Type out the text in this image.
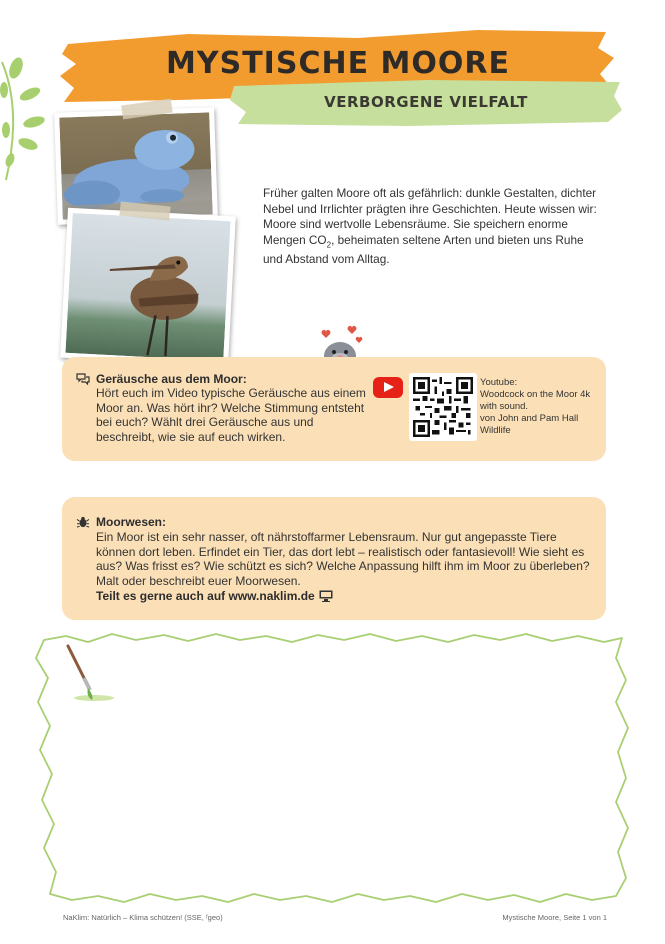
MYSTISCHE MOORE
VERBORGENE VIELFALT

Früher galten Moore oft als gefährlich: dunkle Gestalten, dichter Nebel und Irrlichter prägten ihre Geschichten. Heute wissen wir: Moore sind wertvolle Lebensräume. Sie speichern enorme Mengen $CO_2$, beheimaten seltene Arten und bieten uns Ruhe und Abstand vom Alltag.

Geräusche aus dem Moor:

Hört euch im Video typische Geräusche aus einem Moor an. Was hört ihr? Welche Stimmung entsteht bei euch? Wählt drei Geräusche aus und beschreibt, wie sie auf euch wirken.

Youtube:
Woodcock on the Moor 4k with sound.
von John and Pam Hall Wildlife
Moorwesen:

Ein Moor ist ein sehr nasser, oft nährstoffarmer Lebensraum. Nur gut angepasste Tiere können dort leben. Erfindet ein Tier, das dort lebt – realistisch oder fantasievoll! Wie sieht es aus? Was frisst es? Wie schützt es sich? Welche Anpassung hilft ihm im Moor zu überleben? Malt oder beschreibt euer Moorwesen.

Teilt es gerne auch auf www.naklim.de
NaKlim: Natürlich – Klima schützen! (SSE, ᶠgeo)	Mystische Moore, Seite 1 von 1
